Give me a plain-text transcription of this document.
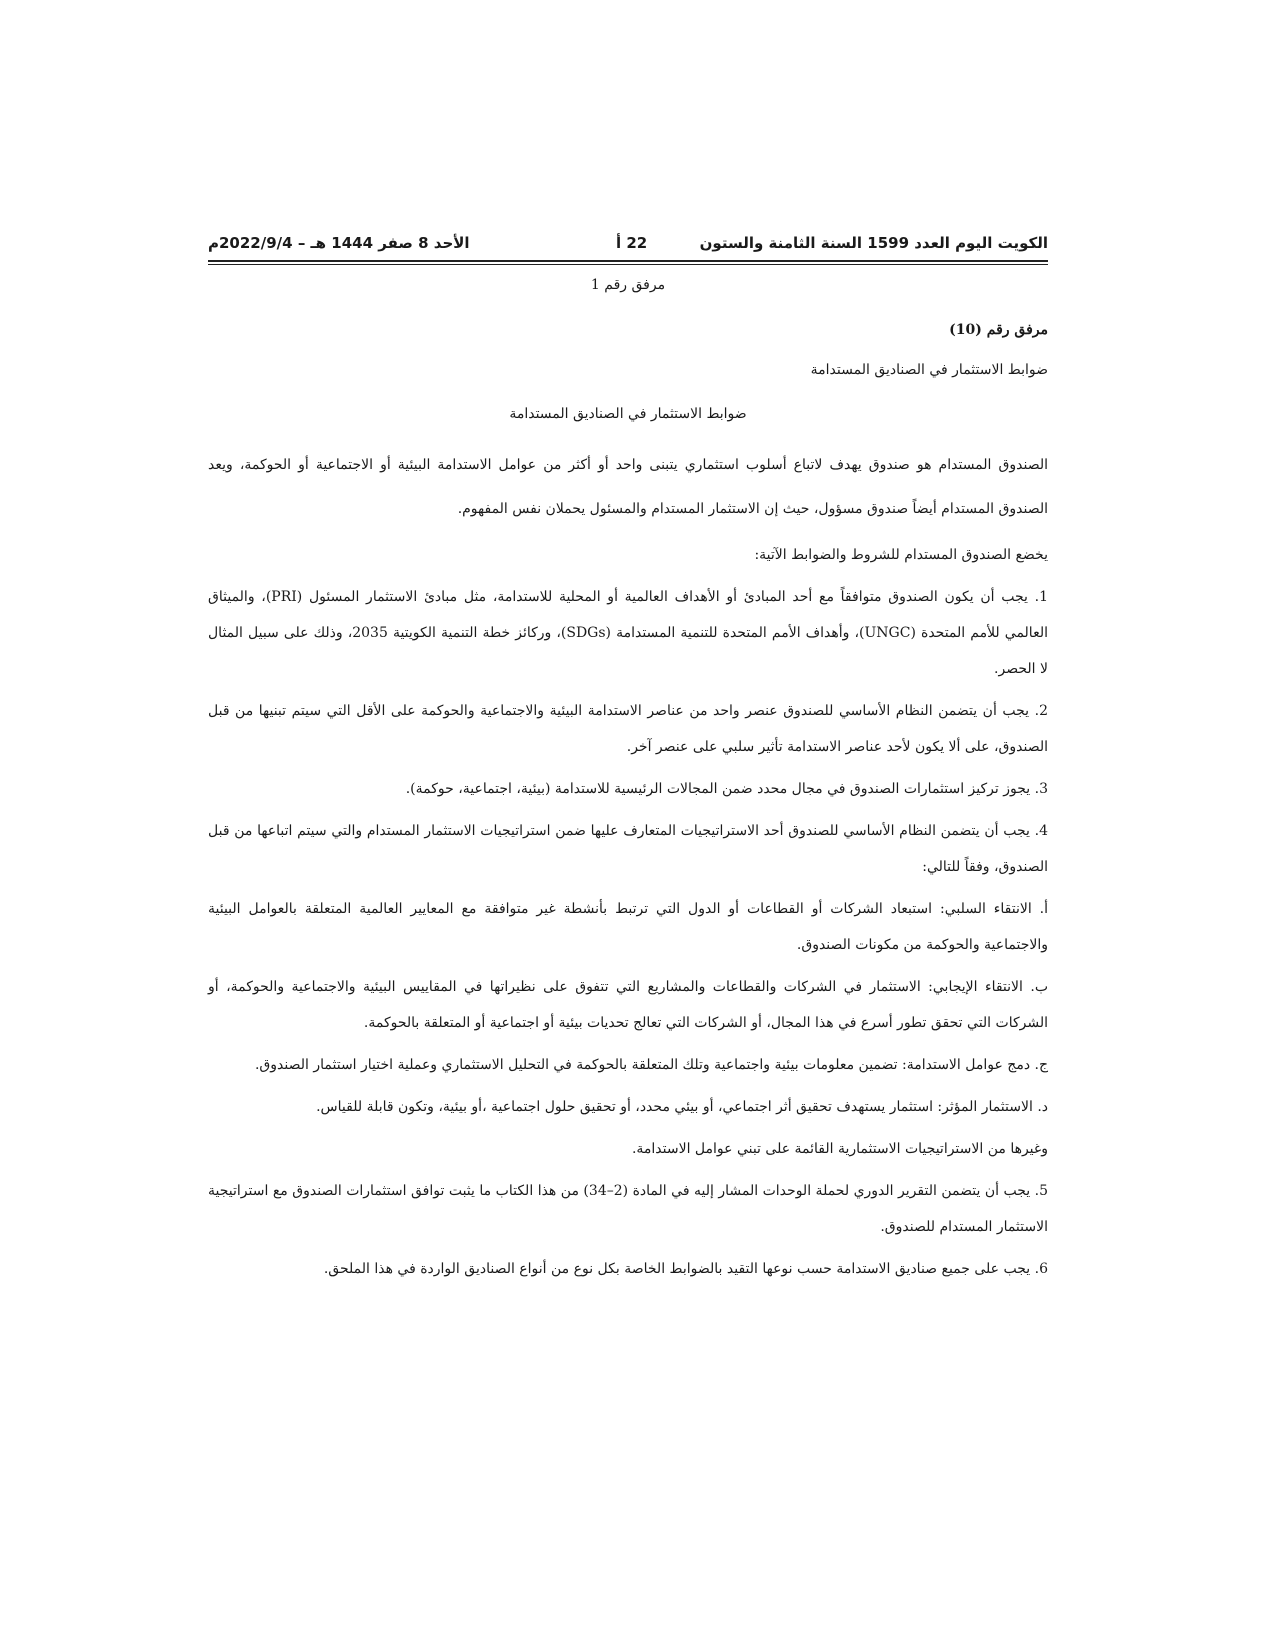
الكويت اليوم العدد 1599 السنة الثامنة والستون
22 أ
الأحد 8 صفر 1444 هـ – 2022/9/4م
مرفق رقم 1

مرفق رقم (10)

ضوابط الاستثمار في الصناديق المستدامة

ضوابط الاستثمار في الصناديق المستدامة

الصندوق المستدام هو صندوق يهدف لاتباع أسلوب استثماري يتبنى واحد أو أكثر من عوامل الاستدامة البيئية أو الاجتماعية أو الحوكمة، ويعد الصندوق المستدام أيضاً صندوق مسؤول، حيث إن الاستثمار المستدام والمسئول يحملان نفس المفهوم.

يخضع الصندوق المستدام للشروط والضوابط الآتية:

1. يجب أن يكون الصندوق متوافقاً مع أحد المبادئ أو الأهداف العالمية أو المحلية للاستدامة، مثل مبادئ الاستثمار المسئول (PRI)، والميثاق العالمي للأمم المتحدة (UNGC)، وأهداف الأمم المتحدة للتنمية المستدامة (SDGs)، وركائز خطة التنمية الكويتية 2035، وذلك على سبيل المثال لا الحصر.

2. يجب أن يتضمن النظام الأساسي للصندوق عنصر واحد من عناصر الاستدامة البيئية والاجتماعية والحوكمة على الأقل التي سيتم تبنيها من قبل الصندوق، على ألا يكون لأحد عناصر الاستدامة تأثير سلبي على عنصر آخر.

3. يجوز تركيز استثمارات الصندوق في مجال محدد ضمن المجالات الرئيسية للاستدامة (بيئية، اجتماعية، حوكمة).

4. يجب أن يتضمن النظام الأساسي للصندوق أحد الاستراتيجيات المتعارف عليها ضمن استراتيجيات الاستثمار المستدام والتي سيتم اتباعها من قبل الصندوق، وفقاً للتالي:

أ. الانتقاء السلبي: استبعاد الشركات أو القطاعات أو الدول التي ترتبط بأنشطة غير متوافقة مع المعايير العالمية المتعلقة بالعوامل البيئية والاجتماعية والحوكمة من مكونات الصندوق.

ب. الانتقاء الإيجابي: الاستثمار في الشركات والقطاعات والمشاريع التي تتفوق على نظيراتها في المقاييس البيئية والاجتماعية والحوكمة، أو الشركات التي تحقق تطور أسرع في هذا المجال، أو الشركات التي تعالج تحديات بيئية أو اجتماعية أو المتعلقة بالحوكمة.

ج. دمج عوامل الاستدامة: تضمين معلومات بيئية واجتماعية وتلك المتعلقة بالحوكمة في التحليل الاستثماري وعملية اختيار استثمار الصندوق.

د. الاستثمار المؤثر: استثمار يستهدف تحقيق أثر اجتماعي، أو بيئي محدد، أو تحقيق حلول اجتماعية ،أو بيئية، وتكون قابلة للقياس.

وغيرها من الاستراتيجيات الاستثمارية القائمة على تبني عوامل الاستدامة.

5. يجب أن يتضمن التقرير الدوري لحملة الوحدات المشار إليه في المادة (2–34) من هذا الكتاب ما يثبت توافق استثمارات الصندوق مع استراتيجية الاستثمار المستدام للصندوق.

6. يجب على جميع صناديق الاستدامة حسب نوعها التقيد بالضوابط الخاصة بكل نوع من أنواع الصناديق الواردة في هذا الملحق.
